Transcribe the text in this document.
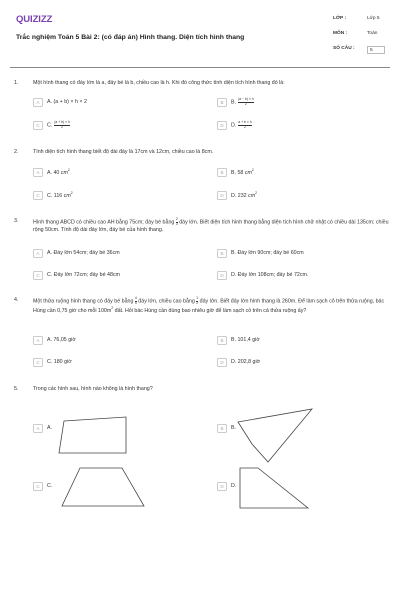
QUIZIZZ
Trắc nghiệm Toán 5 Bài 2: (có đáp án) Hình thang. Diện tích hình thang
LỚP :	Lớp 5
MÔN :	Toán
SỐ CÂU :	5
1.	Một hình thang có đáy lớn là a, đáy bé là b, chiều cao là h. Khi đó công thức tính diện tích hình thang đó là:
A	A. (a + b) × h × 2	B	B. $\frac{(a - b) \times h}{2}$
C	C. $\frac{(a + b) \times h}{2}$	D	D. $\frac{a + b \times h}{2}$
2.	Tính diện tích hình thang biết độ dài đáy là 17cm và 12cm, chiều cao là 8cm.
A	A. 40 $cm^2$	B	B. 58 $cm^2$
C	C. 116 $cm^2$	D	D. 232 $cm^2$
3.	Hình thang ABCD có chiều cao AH bằng 75cm; đáy bé bằng $\frac{2}{3}$ đáy lớn. Biết diện tích hình thang bằng diện tích hình chữ nhật có chiều dài 135cm; chiều rộng 50cm. Tính độ dài đáy lớn, đáy bé của hình thang.
A	A. Đáy lớn 54cm; đáy bé 36cm	B	B. Đáy lớn 90cm; đáy bé 60cm
C	C. Đáy lớn 72cm; đáy bé 48cm	D	D. Đáy lớn 108cm; đáy bé 72cm.
4.	Một thửa ruộng hình thang có đáy bé bằng $\frac{4}{5}$ đáy lớn, chiều cao bằng $\frac{1}{2}$ đáy lớn. Biết đáy lớn hình thang là 260m. Để làm sạch cỏ trên thửa ruộng, bác Hùng cần 0,75 giờ cho mỗi $100m^2$ đất. Hỏi bác Hùng cần dùng bao nhiêu giờ để làm sạch cỏ trên cả thửa ruộng ấy?
A	A. 76,05 giờ	B	B. 101,4 giờ
C	C. 180 giờ	D	D. 202,8 giờ
5.	Trong các hình sau, hình nào không là hình thang?
A	A.	B	B.
C	C.	D	D.
